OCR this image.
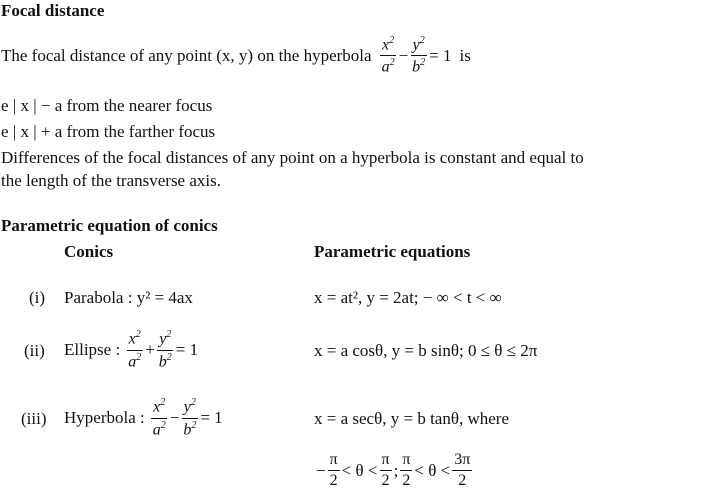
Focal distance
The focal distance of any point (x, y) on the hyperbola $\frac{x^2}{a^2} - \frac{y^2}{b^2} = 1$ is
e | x | − a from the nearer focus
e | x | + a from the farther focus
Differences of the focal distances of any point on a hyperbola is constant and equal to
the length of the transverse axis.
Parametric equation of conics
Conics	Parametric equations
(i) Parabola : y² = 4ax	x = at², y = 2at; − ∞ < t < ∞
(ii) Ellipse : $\frac{x^2}{a^2} + \frac{y^2}{b^2} = 1$	x = a cosθ, y = b sinθ; 0 ≤ θ ≤ 2π
(iii) Hyperbola : $\frac{x^2}{a^2} - \frac{y^2}{b^2} = 1$	x = a secθ, y = b tanθ, where
− $\frac{\pi}{2} < \theta < \frac{\pi}{2}$ ; $\frac{\pi}{2} < \theta < \frac{3\pi}{2}$
